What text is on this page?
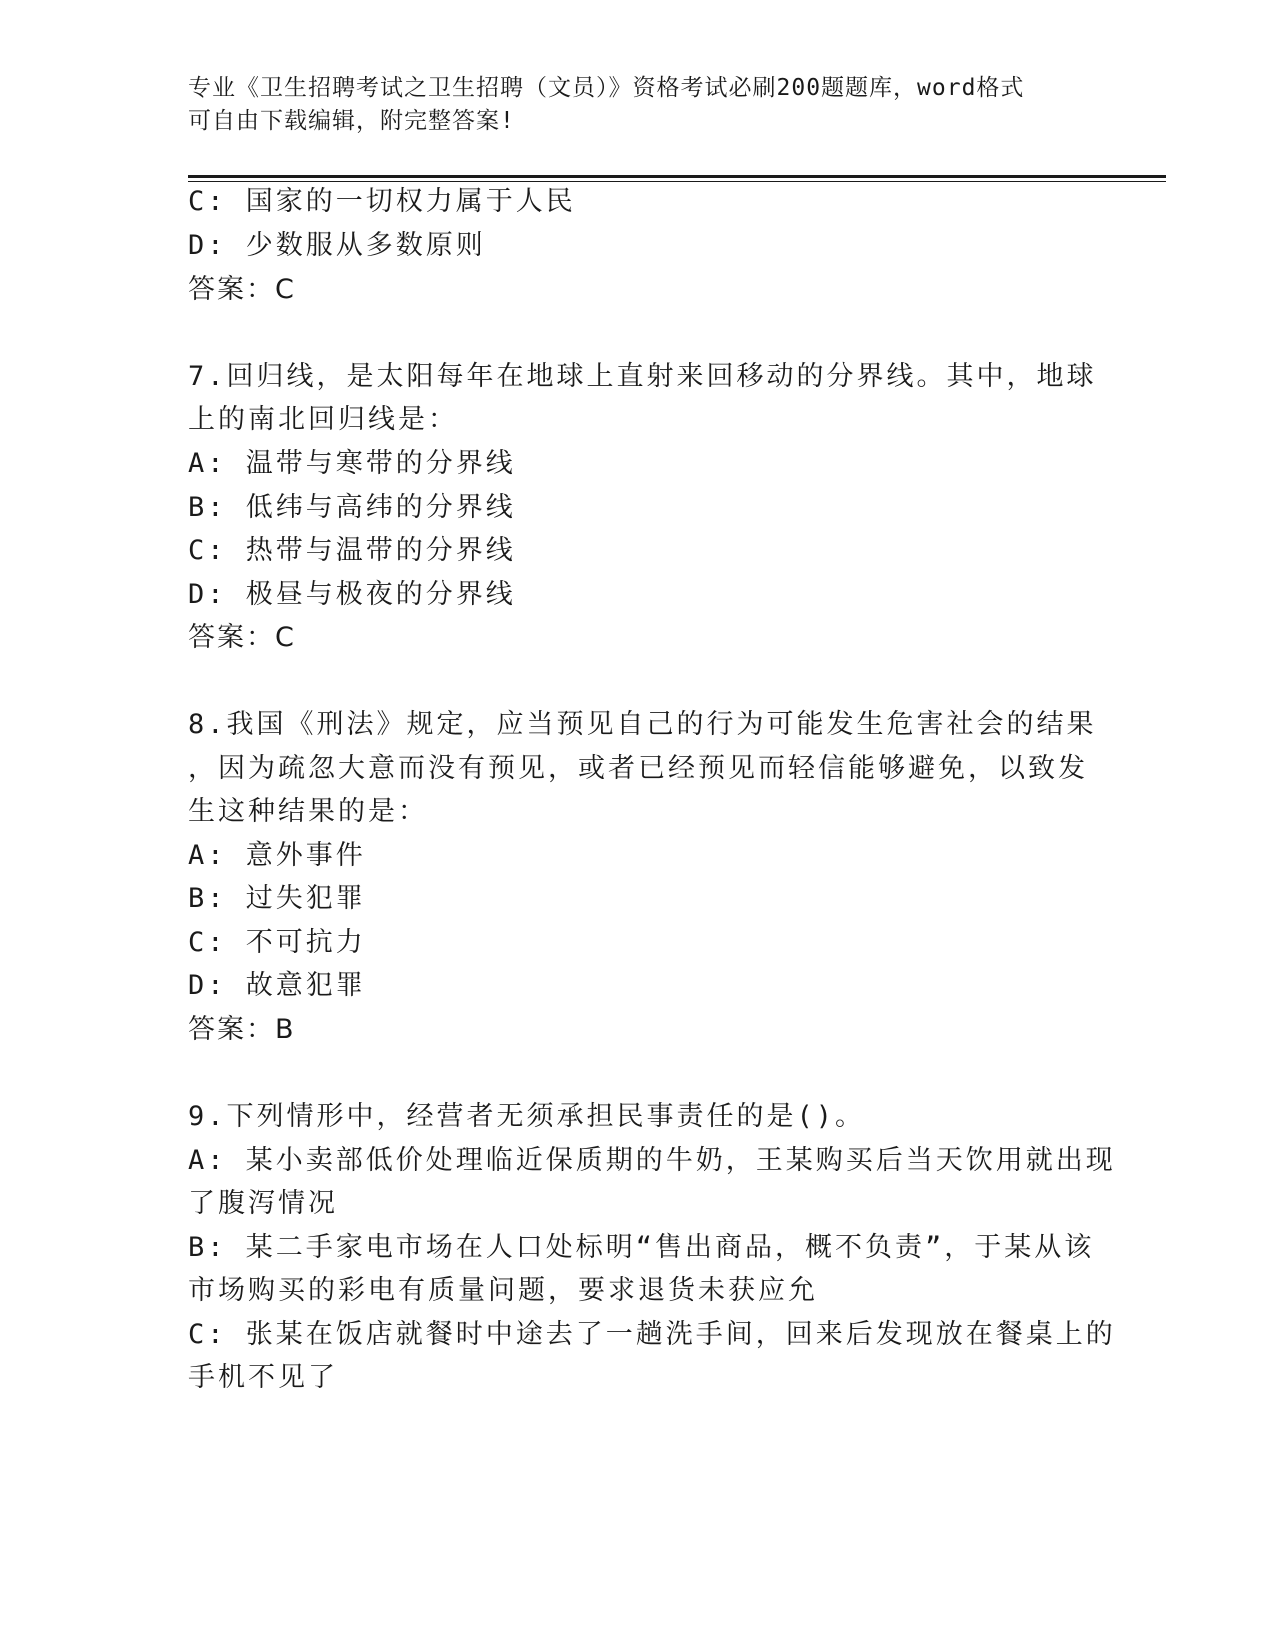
专业《卫生招聘考试之卫生招聘（文员）》资格考试必刷200题题库，word格式
可自由下载编辑，附完整答案!
C: 国家的一切权力属于人民
D: 少数服从多数原则
答案：C
7.回归线，是太阳每年在地球上直射来回移动的分界线。其中，地球
上的南北回归线是：
A: 温带与寒带的分界线
B: 低纬与高纬的分界线
C: 热带与温带的分界线
D: 极昼与极夜的分界线
答案：C
8.我国《刑法》规定，应当预见自己的行为可能发生危害社会的结果
，因为疏忽大意而没有预见，或者已经预见而轻信能够避免，以致发
生这种结果的是：
A: 意外事件
B: 过失犯罪
C: 不可抗力
D: 故意犯罪
答案：B
9.下列情形中，经营者无须承担民事责任的是()。
A: 某小卖部低价处理临近保质期的牛奶，王某购买后当天饮用就出现
了腹泻情况
B: 某二手家电市场在人口处标明“售出商品，概不负责”，于某从该
市场购买的彩电有质量问题，要求退货未获应允
C: 张某在饭店就餐时中途去了一趟洗手间，回来后发现放在餐桌上的
手机不见了
